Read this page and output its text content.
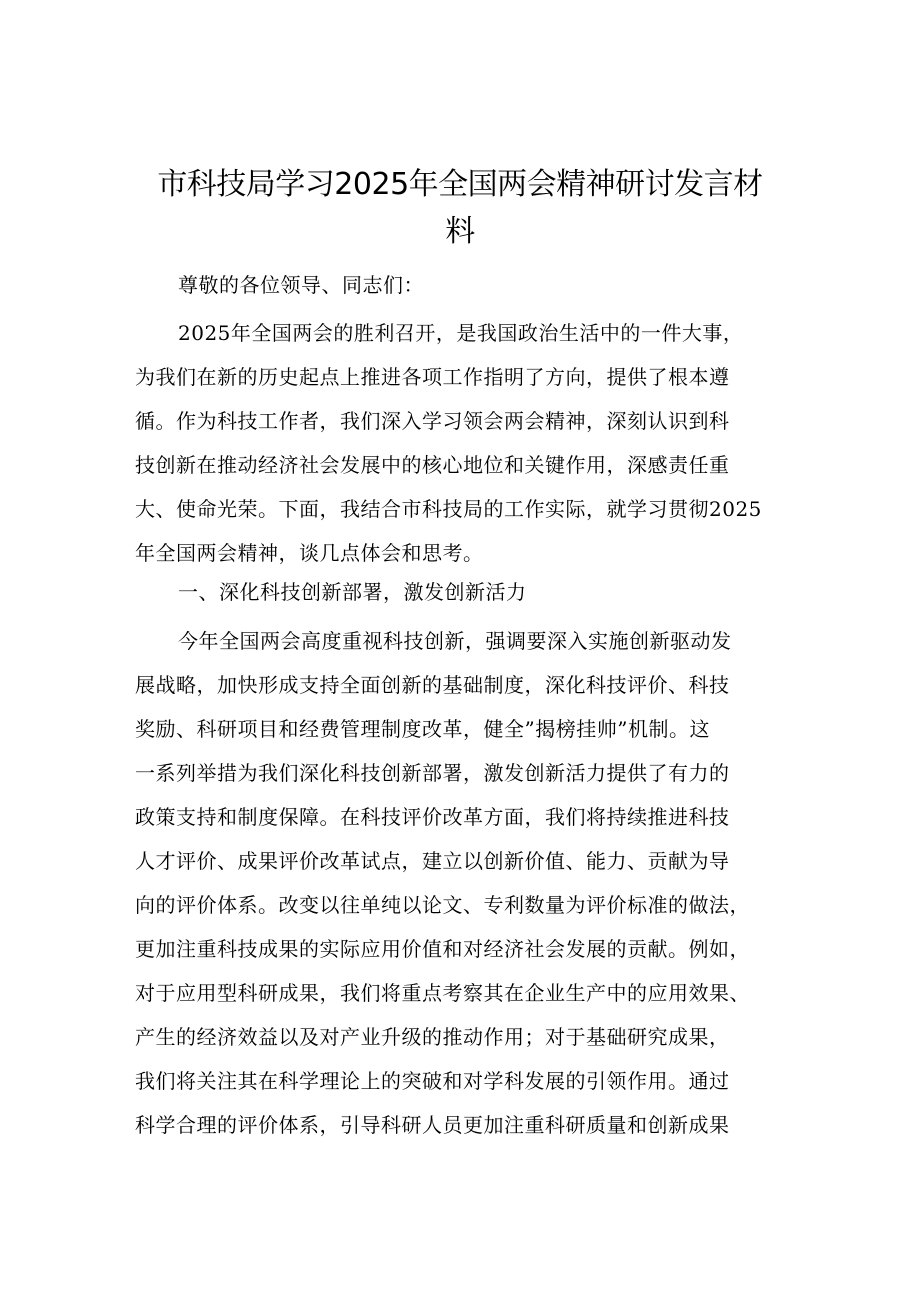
市科技局学习2025年全国两会精神研讨发言材
料
尊敬的各位领导、同志们：
2025年全国两会的胜利召开，是我国政治生活中的一件大事，
为我们在新的历史起点上推进各项工作指明了方向，提供了根本遵
循。作为科技工作者，我们深入学习领会两会精神，深刻认识到科
技创新在推动经济社会发展中的核心地位和关键作用，深感责任重
大、使命光荣。下面，我结合市科技局的工作实际，就学习贯彻2025
年全国两会精神，谈几点体会和思考。
一、深化科技创新部署，激发创新活力
今年全国两会高度重视科技创新，强调要深入实施创新驱动发
展战略，加快形成支持全面创新的基础制度，深化科技评价、科技
奖励、科研项目和经费管理制度改革，健全”揭榜挂帅”机制。这
一系列举措为我们深化科技创新部署，激发创新活力提供了有力的
政策支持和制度保障。在科技评价改革方面，我们将持续推进科技
人才评价、成果评价改革试点，建立以创新价值、能力、贡献为导
向的评价体系。改变以往单纯以论文、专利数量为评价标准的做法，
更加注重科技成果的实际应用价值和对经济社会发展的贡献。例如，
对于应用型科研成果，我们将重点考察其在企业生产中的应用效果、
产生的经济效益以及对产业升级的推动作用；对于基础研究成果，
我们将关注其在科学理论上的突破和对学科发展的引领作用。通过
科学合理的评价体系，引导科研人员更加注重科研质量和创新成果
